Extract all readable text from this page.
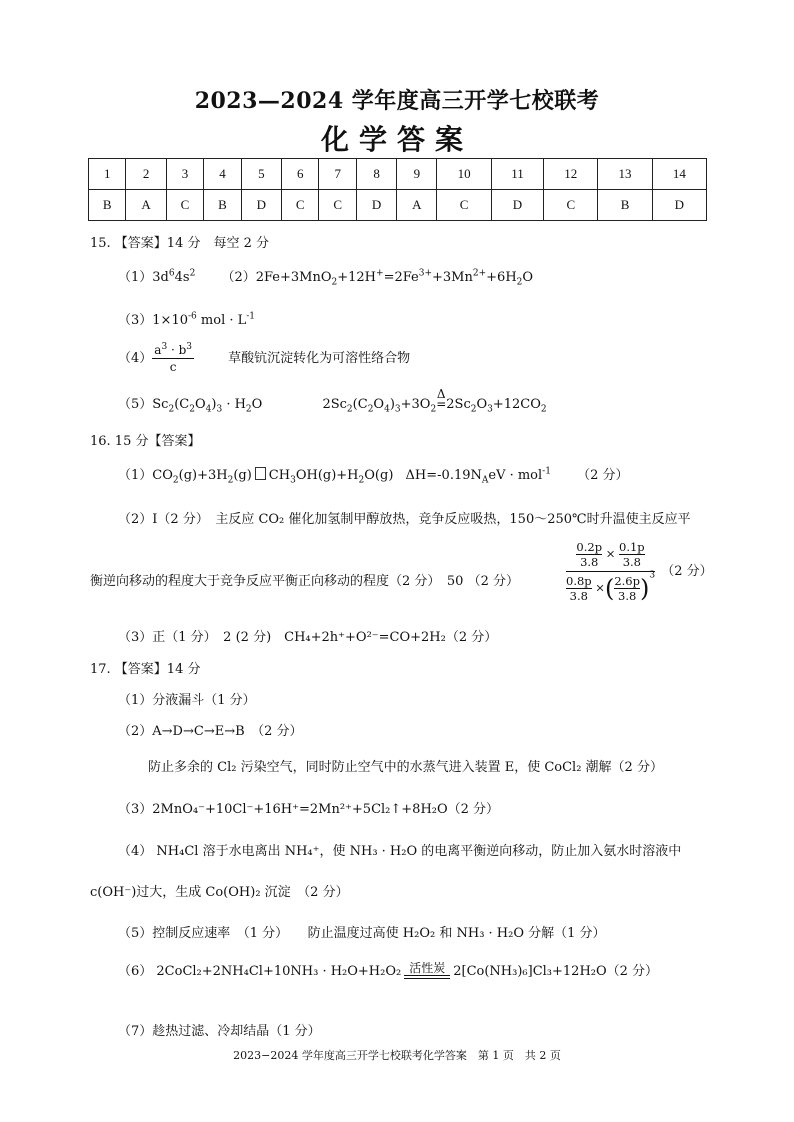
2023—2024 学年度高三开学七校联考
化学答案
1	2	3	4	5	6	7	8	9	10	11	12	13	14
B	A	C	B	D	C	C	D	A	C	D	C	B	D
15. 【答案】14 分　每空 2 分
$(1)3d^64s^2$ $(2)2Fe+3MnO_2+12H^+=2Fe^{3+}+3Mn^{2+}+6H_2O$
$(3)1\times 10^{-6}$ mol · $L^{-1}$
$(4) \frac{a^3 \cdot b^3}{c}$	草酸钪沉淀转化为可溶性络合物
$(5)Sc_2(C_2O_4)_3 \cdot H_2O$	$2Sc_2(C_2O_4)_3+3O_2$
Δ
= $2Sc_2O_3+12CO_2$
16. 15 分【答案】
$(1)CO_2(g)+3H_2(g)$ $CH_3OH(g)+H_2O(g) \Delta H=-0.19N_AeV \cdot mol^{-1}$ （2 分）
（2）I（2 分）　主反应 CO₂ 催化加氢制甲醇放热，竞争反应吸热，150～250℃时升温使主反应平
衡逆向移动的程度大于竞争反应平衡正向移动的程度（2 分）　50 （2 分）	$\frac{\frac{0.2p}{3.8} \times \frac{0.1p}{3.8}}{\frac{0.8p}{3.8} \times( \frac{2.6p}{3.8} )^3} (2$ 分）
（3）正（1 分）　2 (2 分)　CH₄+2h⁺+O²⁻=CO+2H₂（2 分）
17. 【答案】14 分
（1）分液漏斗（1 分）
（2）A→D→C→E→B　（2 分）
防止多余的 Cl₂ 污染空气，同时防止空气中的水蒸气进入装置 E，使 CoCl₂ 潮解（2 分）
（3）2MnO₄⁻+10Cl⁻+16H⁺=2Mn²⁺+5Cl₂↑+8H₂O（2 分）
（4） NH₄Cl 溶于水电离出 NH₄⁺，使 NH₃ · H₂O 的电离平衡逆向移动，防止加入氨水时溶液中
c(OH⁻)过大，生成 Co(OH)₂ 沉淀　（2 分）
（5）控制反应速率　（1 分）　　防止温度过高使 H₂O₂ 和 NH₃ · H₂O 分解（1 分）
（6） 2CoCl₂+2NH₄Cl+10NH₃ · H₂O+H₂O₂ 活性炭 2[Co(NH₃)₆]Cl₃+12H₂O（2 分）
（7）趁热过滤、冷却结晶（1 分）
2023−2024 学年度高三开学七校联考化学答案　第 1 页　共 2 页
